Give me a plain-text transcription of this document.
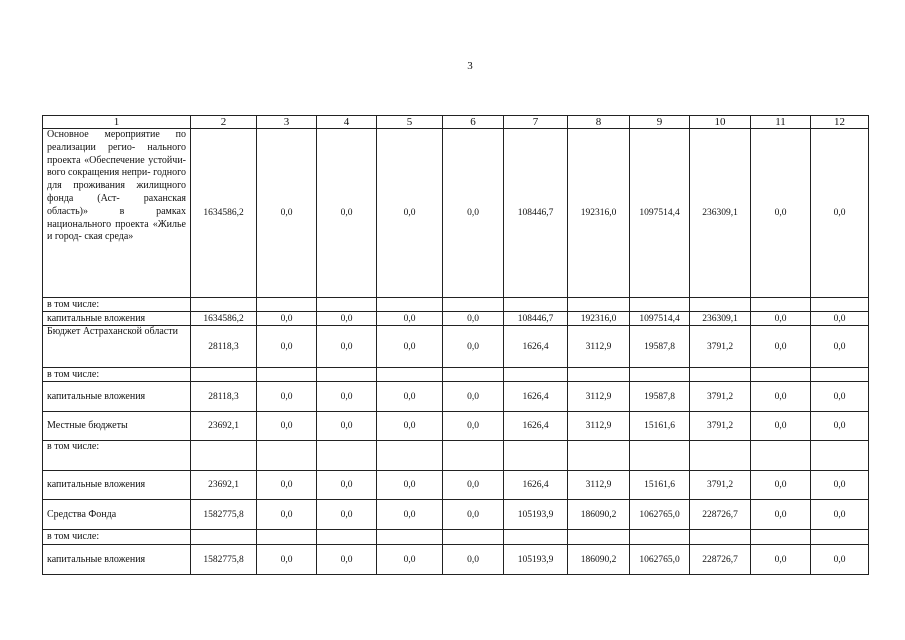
3
1	2	3	4	5	6	7	8	9	10	11	12
Основное мероприятие по реализации регио- нального проекта «Обеспечение устойчи- вого сокращения непри- годного для проживания жилищного фонда (Аст- раханская область)» в рамках национального проекта «Жилье и город- ская среда»	1634586,2	0,0	0,0	0,0	0,0	108446,7	192316,0	1097514,4	236309,1	0,0	0,0
в том числе:											
капитальные вложения	1634586,2	0,0	0,0	0,0	0,0	108446,7	192316,0	1097514,4	236309,1	0,0	0,0
Бюджет Астраханской области	28118,3	0,0	0,0	0,0	0,0	1626,4	3112,9	19587,8	3791,2	0,0	0,0
в том числе:											
капитальные вложения	28118,3	0,0	0,0	0,0	0,0	1626,4	3112,9	19587,8	3791,2	0,0	0,0
Местные бюджеты	23692,1	0,0	0,0	0,0	0,0	1626,4	3112,9	15161,6	3791,2	0,0	0,0
в том числе:											
капитальные вложения	23692,1	0,0	0,0	0,0	0,0	1626,4	3112,9	15161,6	3791,2	0,0	0,0
Средства Фонда	1582775,8	0,0	0,0	0,0	0,0	105193,9	186090,2	1062765,0	228726,7	0,0	0,0
в том числе:											
капитальные вложения	1582775,8	0,0	0,0	0,0	0,0	105193,9	186090,2	1062765,0	228726,7	0,0	0,0
